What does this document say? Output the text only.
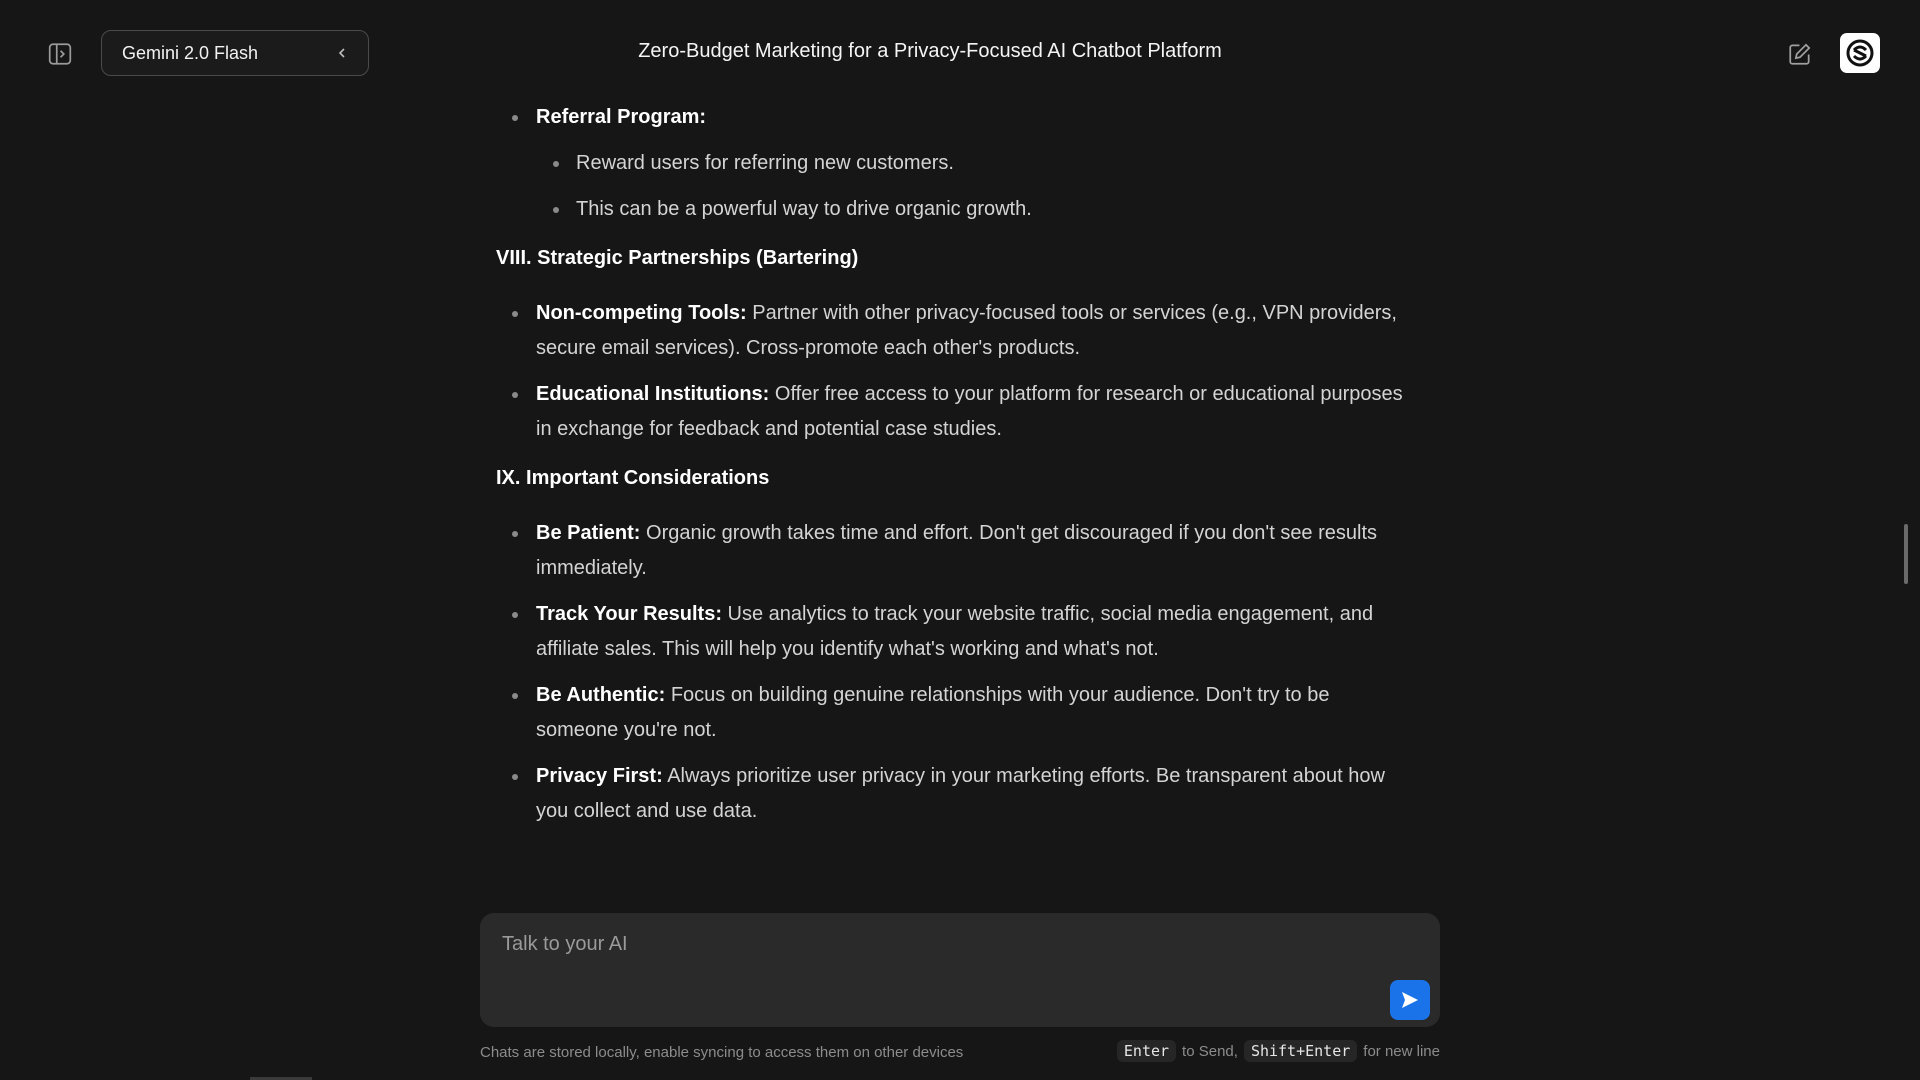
Gemini 2.0 Flash	Zero-Budget Marketing for a Privacy-Focused AI Chatbot Platform
Referral Program:
Reward users for referring new customers.
This can be a powerful way to drive organic growth.
VIII. Strategic Partnerships (Bartering)
Non-competing Tools: Partner with other privacy-focused tools or services (e.g., VPN providers, secure email services). Cross-promote each other's products.
Educational Institutions: Offer free access to your platform for research or educational purposes in exchange for feedback and potential case studies.
IX. Important Considerations
Be Patient: Organic growth takes time and effort. Don't get discouraged if you don't see results immediately.
Track Your Results: Use analytics to track your website traffic, social media engagement, and affiliate sales. This will help you identify what's working and what's not.
Be Authentic: Focus on building genuine relationships with your audience. Don't try to be someone you're not.
Privacy First: Always prioritize user privacy in your marketing efforts. Be transparent about how you collect and use data.
Talk to your AI
Chats are stored locally, enable syncing to access them on other devices	Enter to Send, Shift+Enter for new line
